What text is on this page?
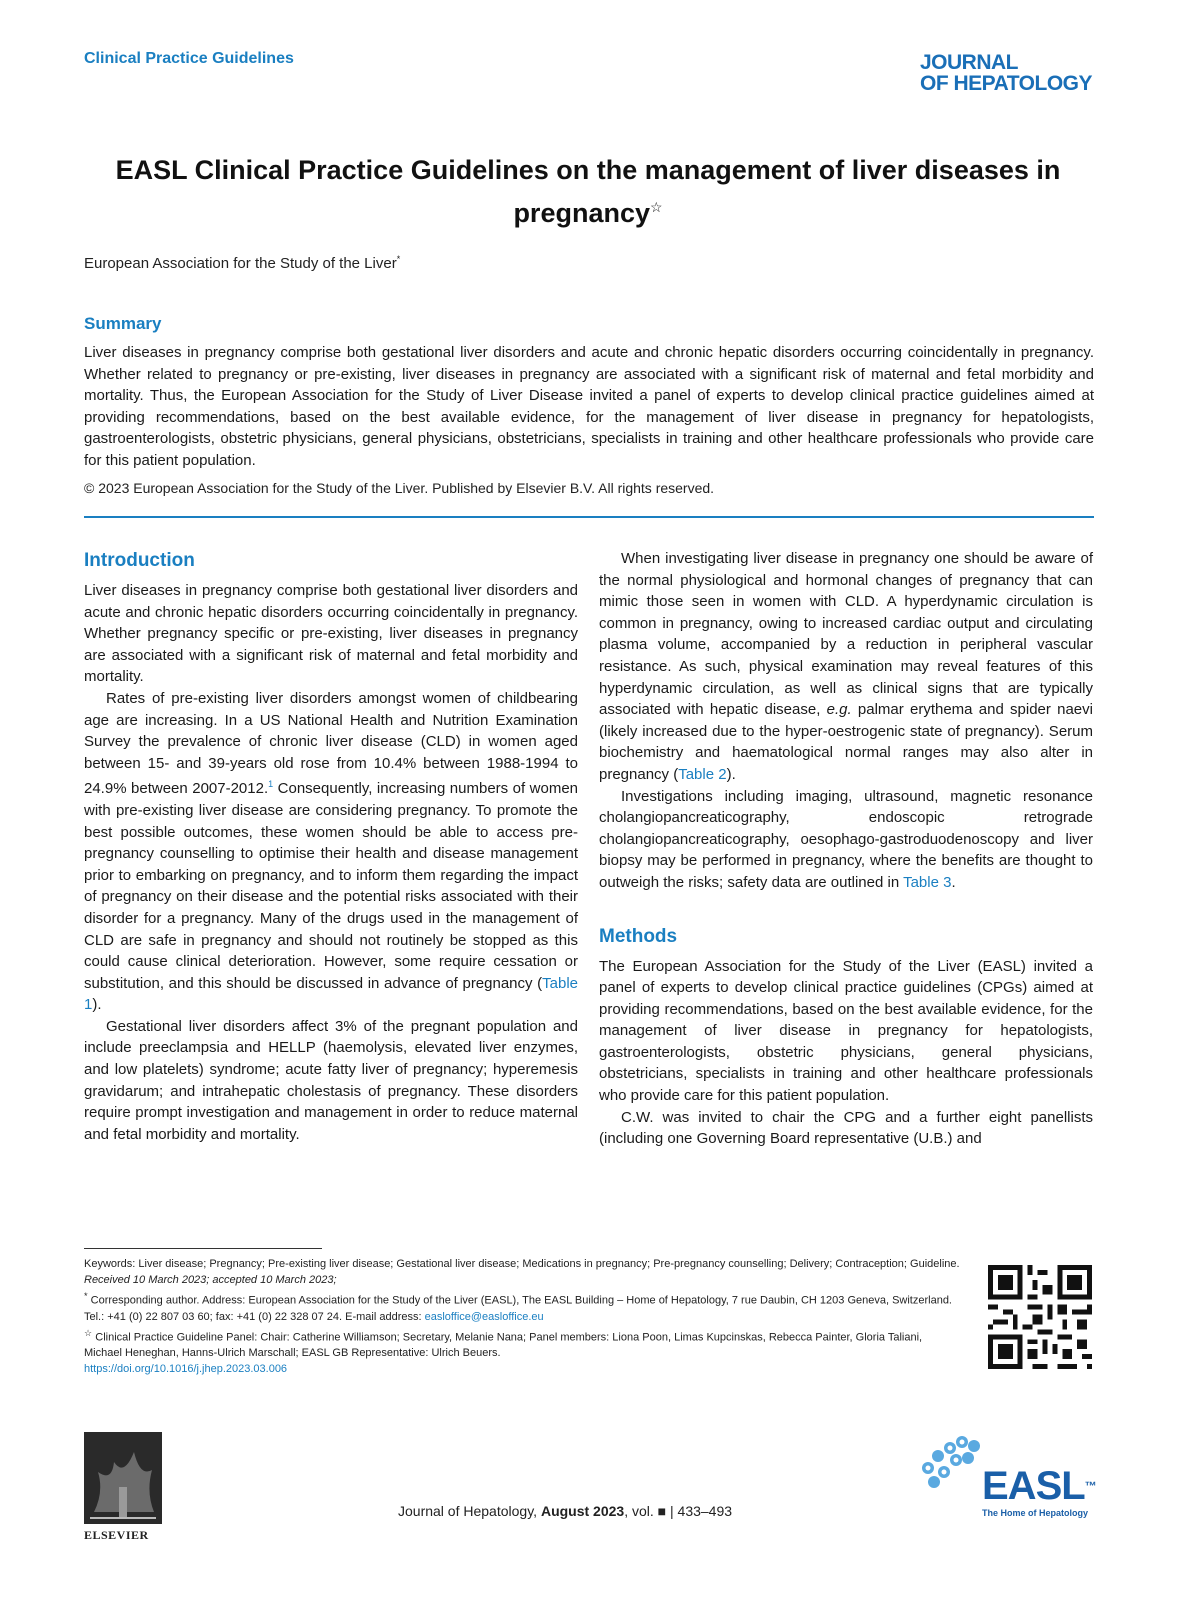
Clinical Practice Guidelines	JOURNAL
OF HEPATOLOGY
EASL Clinical Practice Guidelines on the management of liver diseases in pregnancy☆
European Association for the Study of the Liver*
Summary
Liver diseases in pregnancy comprise both gestational liver disorders and acute and chronic hepatic disorders occurring coincidentally in pregnancy. Whether related to pregnancy or pre-existing, liver diseases in pregnancy are associated with a significant risk of maternal and fetal morbidity and mortality. Thus, the European Association for the Study of Liver Disease invited a panel of experts to develop clinical practice guidelines aimed at providing recommendations, based on the best available evidence, for the management of liver disease in pregnancy for hepatologists, gastroenterologists, obstetric physicians, general physicians, obstetricians, specialists in training and other healthcare professionals who provide care for this patient population.
© 2023 European Association for the Study of the Liver. Published by Elsevier B.V. All rights reserved.
Introduction

Liver diseases in pregnancy comprise both gestational liver disorders and acute and chronic hepatic disorders occurring coincidentally in pregnancy. Whether pregnancy specific or pre-existing, liver diseases in pregnancy are associated with a significant risk of maternal and fetal morbidity and mortality.

Rates of pre-existing liver disorders amongst women of childbearing age are increasing. In a US National Health and Nutrition Examination Survey the prevalence of chronic liver disease (CLD) in women aged between 15- and 39-years old rose from 10.4% between 1988-1994 to 24.9% between 2007-2012.$^1$ Consequently, increasing numbers of women with pre-existing liver disease are considering pregnancy. To promote the best possible outcomes, these women should be able to access pre-pregnancy counselling to optimise their health and disease management prior to embarking on pregnancy, and to inform them regarding the impact of pregnancy on their disease and the potential risks associated with their disorder for a pregnancy. Many of the drugs used in the management of CLD are safe in pregnancy and should not routinely be stopped as this could cause clinical deterioration. However, some require cessation or substitution, and this should be discussed in advance of pregnancy (Table 1).

Gestational liver disorders affect 3% of the pregnant population and include preeclampsia and HELLP (haemolysis, elevated liver enzymes, and low platelets) syndrome; acute fatty liver of pregnancy; hyperemesis gravidarum; and intrahepatic cholestasis of pregnancy. These disorders require prompt investigation and management in order to reduce maternal and fetal morbidity and mortality.

When investigating liver disease in pregnancy one should be aware of the normal physiological and hormonal changes of pregnancy that can mimic those seen in women with CLD. A hyperdynamic circulation is common in pregnancy, owing to increased cardiac output and circulating plasma volume, accompanied by a reduction in peripheral vascular resistance. As such, physical examination may reveal features of this hyperdynamic circulation, as well as clinical signs that are typically associated with hepatic disease, e.g. palmar erythema and spider naevi (likely increased due to the hyper-oestrogenic state of pregnancy). Serum biochemistry and haematological normal ranges may also alter in pregnancy (Table 2).

Investigations including imaging, ultrasound, magnetic resonance cholangiopancreaticography, endoscopic retrograde cholangiopancreaticography, oesophago-gastroduodenoscopy and liver biopsy may be performed in pregnancy, where the benefits are thought to outweigh the risks; safety data are outlined in Table 3.

Methods

The European Association for the Study of the Liver (EASL) invited a panel of experts to develop clinical practice guidelines (CPGs) aimed at providing recommendations, based on the best available evidence, for the management of liver disease in pregnancy for hepatologists, gastroenterologists, obstetric physicians, general physicians, obstetricians, specialists in training and other healthcare professionals who provide care for this patient population.

C.W. was invited to chair the CPG and a further eight panellists (including one Governing Board representative (U.B.) and

Keywords: Liver disease; Pregnancy; Pre-existing liver disease; Gestational liver disease; Medications in pregnancy; Pre-pregnancy counselling; Delivery; Contraception; Guideline.
Received 10 March 2023; accepted 10 March 2023;
* Corresponding author. Address: European Association for the Study of the Liver (EASL), The EASL Building – Home of Hepatology, 7 rue Daubin, CH 1203 Geneva, Switzerland. Tel.: +41 (0) 22 807 03 60; fax: +41 (0) 22 328 07 24. E-mail address: easloffice@easloffice.eu
☆ Clinical Practice Guideline Panel: Chair: Catherine Williamson; Secretary, Melanie Nana; Panel members: Liona Poon, Limas Kupcinskas, Rebecca Painter, Gloria Taliani, Michael Heneghan, Hanns-Ulrich Marschall; EASL GB Representative: Ulrich Beuers.
https://doi.org/10.1016/j.jhep.2023.03.006
ELSEVIER
Journal of Hepatology, August 2023, vol. ■ | 433–493
EASL™
The Home of Hepatology
